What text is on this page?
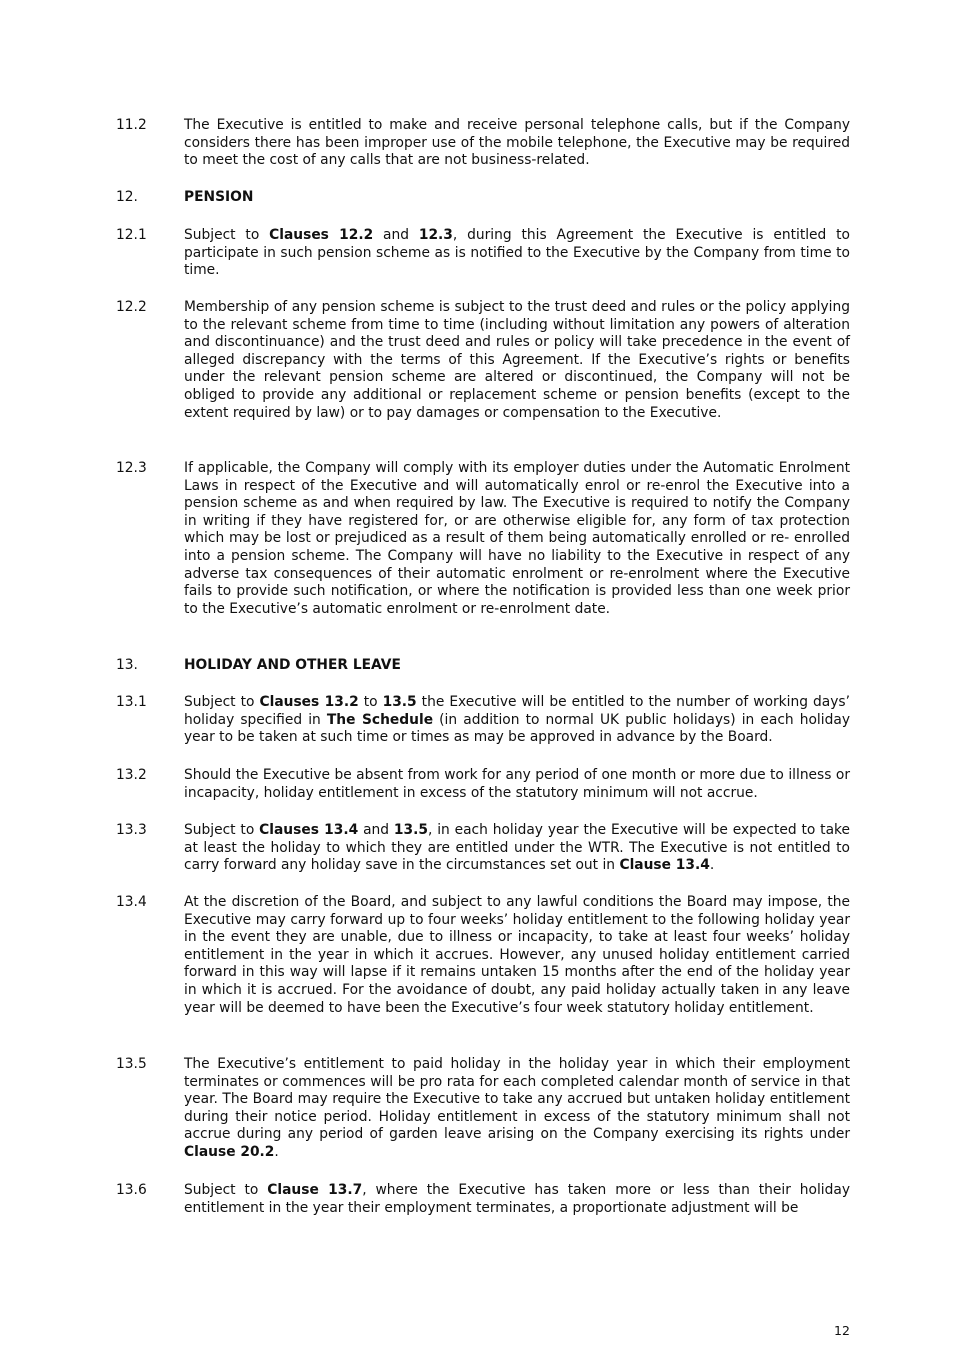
11.2	The Executive is entitled to make and receive personal telephone calls, but if the Company considers there has been improper use of the mobile telephone, the Executive may be required to meet the cost of any calls that are not business-related.
12.	PENSION
12.1	Subject to Clauses 12.2 and 12.3, during this Agreement the Executive is entitled to participate in such pension scheme as is notified to the Executive by the Company from time to time.
12.2	Membership of any pension scheme is subject to the trust deed and rules or the policy applying to the relevant scheme from time to time (including without limitation any powers of alteration and discontinuance) and the trust deed and rules or policy will take precedence in the event of alleged discrepancy with the terms of this Agreement. If the Executive’s rights or benefits under the relevant pension scheme are altered or discontinued, the Company will not be obliged to provide any additional or replacement scheme or pension benefits (except to the extent required by law) or to pay damages or compensation to the Executive.
12.3	If applicable, the Company will comply with its employer duties under the Automatic Enrolment Laws in respect of the Executive and will automatically enrol or re-enrol the Executive into a pension scheme as and when required by law. The Executive is required to notify the Company in writing if they have registered for, or are otherwise eligible for, any form of tax protection which may be lost or prejudiced as a result of them being automatically enrolled or re- enrolled into a pension scheme. The Company will have no liability to the Executive in respect of any adverse tax consequences of their automatic enrolment or re-enrolment where the Executive fails to provide such notification, or where the notification is provided less than one week prior to the Executive’s automatic enrolment or re-enrolment date.
13.	HOLIDAY AND OTHER LEAVE
13.1	Subject to Clauses 13.2 to 13.5 the Executive will be entitled to the number of working days’ holiday specified in The Schedule (in addition to normal UK public holidays) in each holiday year to be taken at such time or times as may be approved in advance by the Board.
13.2	Should the Executive be absent from work for any period of one month or more due to illness or incapacity, holiday entitlement in excess of the statutory minimum will not accrue.
13.3	Subject to Clauses 13.4 and 13.5, in each holiday year the Executive will be expected to take at least the holiday to which they are entitled under the WTR. The Executive is not entitled to carry forward any holiday save in the circumstances set out in Clause 13.4.
13.4	At the discretion of the Board, and subject to any lawful conditions the Board may impose, the Executive may carry forward up to four weeks’ holiday entitlement to the following holiday year in the event they are unable, due to illness or incapacity, to take at least four weeks’ holiday entitlement in the year in which it accrues. However, any unused holiday entitlement carried forward in this way will lapse if it remains untaken 15 months after the end of the holiday year in which it is accrued. For the avoidance of doubt, any paid holiday actually taken in any leave year will be deemed to have been the Executive’s four week statutory holiday entitlement.
13.5	The Executive’s entitlement to paid holiday in the holiday year in which their employment terminates or commences will be pro rata for each completed calendar month of service in that year. The Board may require the Executive to take any accrued but untaken holiday entitlement during their notice period. Holiday entitlement in excess of the statutory minimum shall not accrue during any period of garden leave arising on the Company exercising its rights under Clause 20.2.
13.6	Subject to Clause 13.7, where the Executive has taken more or less than their holiday entitlement in the year their employment terminates, a proportionate adjustment will be
12
